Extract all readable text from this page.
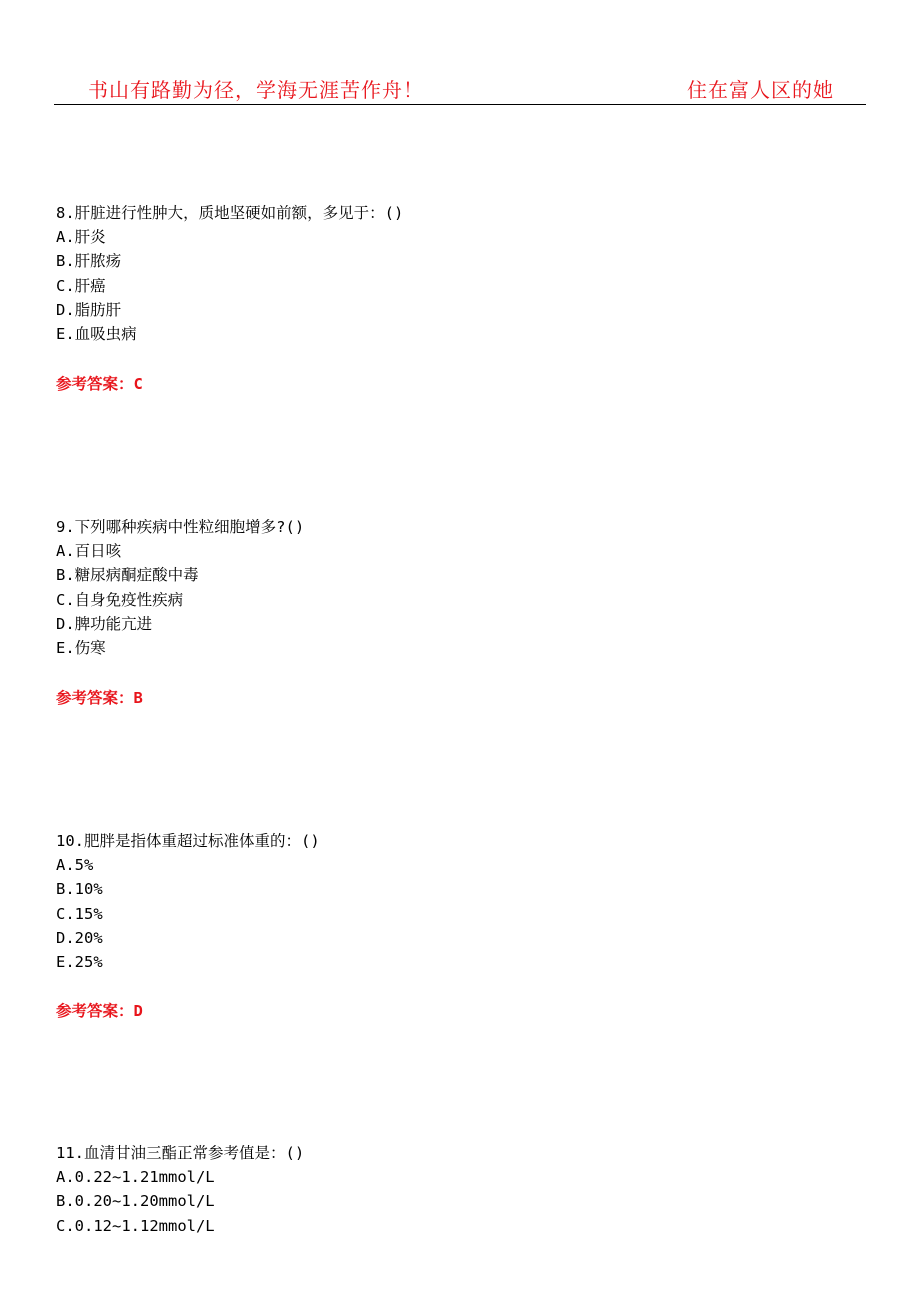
书山有路勤为径，学海无涯苦作舟！	住在富人区的她
8.肝脏进行性肿大，质地坚硬如前额，多见于：()
A.肝炎
B.肝脓疡
C.肝癌
D.脂肪肝
E.血吸虫病
参考答案：C
9.下列哪种疾病中性粒细胞增多?()
A.百日咳
B.糖尿病酮症酸中毒
C.自身免疫性疾病
D.脾功能亢进
E.伤寒
参考答案：B
10.肥胖是指体重超过标准体重的：()
A.5%
B.10%
C.15%
D.20%
E.25%
参考答案：D
11.血清甘油三酯正常参考值是：()
A.0.22~1.21mmol/L
B.0.20~1.20mmol/L
C.0.12~1.12mmol/L
